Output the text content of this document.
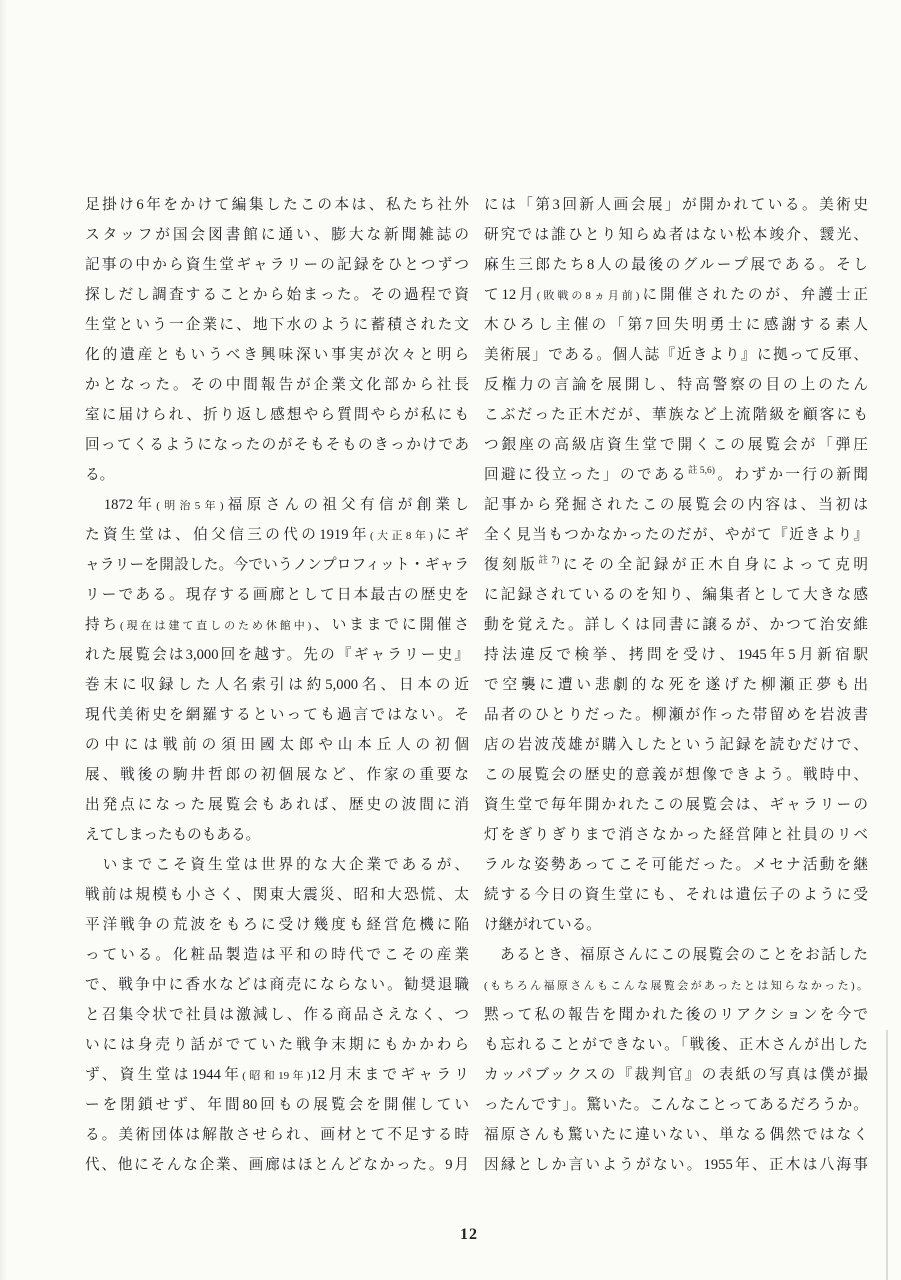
足掛け6年をかけて編集したこの本は、私たち社外
スタッフが国会図書館に通い、膨大な新聞雑誌の
記事の中から資生堂ギャラリーの記録をひとつずつ
探しだし調査することから始まった。その過程で資
生堂という一企業に、地下水のように蓄積された文
化的遺産ともいうべき興味深い事実が次々と明ら
かとなった。その中間報告が企業文化部から社長
室に届けられ、折り返し感想やら質問やらが私にも
回ってくるようになったのがそもそものきっかけであ
る。
　1872年(明治5年)福原さんの祖父有信が創業し
た資生堂は、伯父信三の代の1919年(大正8年)にギ
ャラリーを開設した。今でいうノンプロフィット・ギャラ
リーである。現存する画廊として日本最古の歴史を
持ち(現在は建て直しのため休館中)、いままでに開催さ
れた展覧会は3,000回を越す。先の『ギャラリー史』
巻末に収録した人名索引は約5,000名、日本の近
現代美術史を網羅するといっても過言ではない。そ
の中には戦前の須田國太郎や山本丘人の初個
展、戦後の駒井哲郎の初個展など、作家の重要な
出発点になった展覧会もあれば、歴史の波間に消
えてしまったものもある。
　いまでこそ資生堂は世界的な大企業であるが、
戦前は規模も小さく、関東大震災、昭和大恐慌、太
平洋戦争の荒波をもろに受け幾度も経営危機に陥
っている。化粧品製造は平和の時代でこその産業
で、戦争中に香水などは商売にならない。勧奨退職
と召集令状で社員は激減し、作る商品さえなく、つ
いには身売り話がでていた戦争末期にもかかわら
ず、資生堂は1944年(昭和19年)12月末までギャラリ
ーを閉鎖せず、年間80回もの展覧会を開催してい
る。美術団体は解散させられ、画材とて不足する時
代、他にそんな企業、画廊はほとんどなかった。9月
には「第3回新人画会展」が開かれている。美術史
研究では誰ひとり知らぬ者はない松本竣介、靉光、
麻生三郎たち8人の最後のグループ展である。そし
て12月(敗戦の8ヵ月前)に開催されたのが、弁護士正
木ひろし主催の「第7回失明勇士に感謝する素人
美術展」である。個人誌『近きより』に拠って反軍、
反権力の言論を展開し、特高警察の目の上のたん
こぶだった正木だが、華族など上流階級を顧客にも
つ銀座の高級店資生堂で開くこの展覧会が「弾圧
回避に役立った」のである$^{註5,6)}$。わずか一行の新聞
記事から発掘されたこの展覧会の内容は、当初は
全く見当もつかなかったのだが、やがて『近きより』
復刻版$^{註7)}$にその全記録が正木自身によって克明
に記録されているのを知り、編集者として大きな感
動を覚えた。詳しくは同書に譲るが、かつて治安維
持法違反で検挙、拷問を受け、1945年5月新宿駅
で空襲に遭い悲劇的な死を遂げた柳瀬正夢も出
品者のひとりだった。柳瀬が作った帯留めを岩波書
店の岩波茂雄が購入したという記録を読むだけで、
この展覧会の歴史的意義が想像できよう。戦時中、
資生堂で毎年開かれたこの展覧会は、ギャラリーの
灯をぎりぎりまで消さなかった経営陣と社員のリベ
ラルな姿勢あってこそ可能だった。メセナ活動を継
続する今日の資生堂にも、それは遺伝子のように受
け継がれている。
　あるとき、福原さんにこの展覧会のことをお話した
(もちろん福原さんもこんな展覧会があったとは知らなかった)。
黙って私の報告を聞かれた後のリアクションを今で
も忘れることができない。「戦後、正木さんが出した
カッパブックスの『裁判官』の表紙の写真は僕が撮
ったんです」。驚いた。こんなことってあるだろうか。
福原さんも驚いたに違いない、単なる偶然ではなく
因縁としか言いようがない。1955年、正木は八海事
12
